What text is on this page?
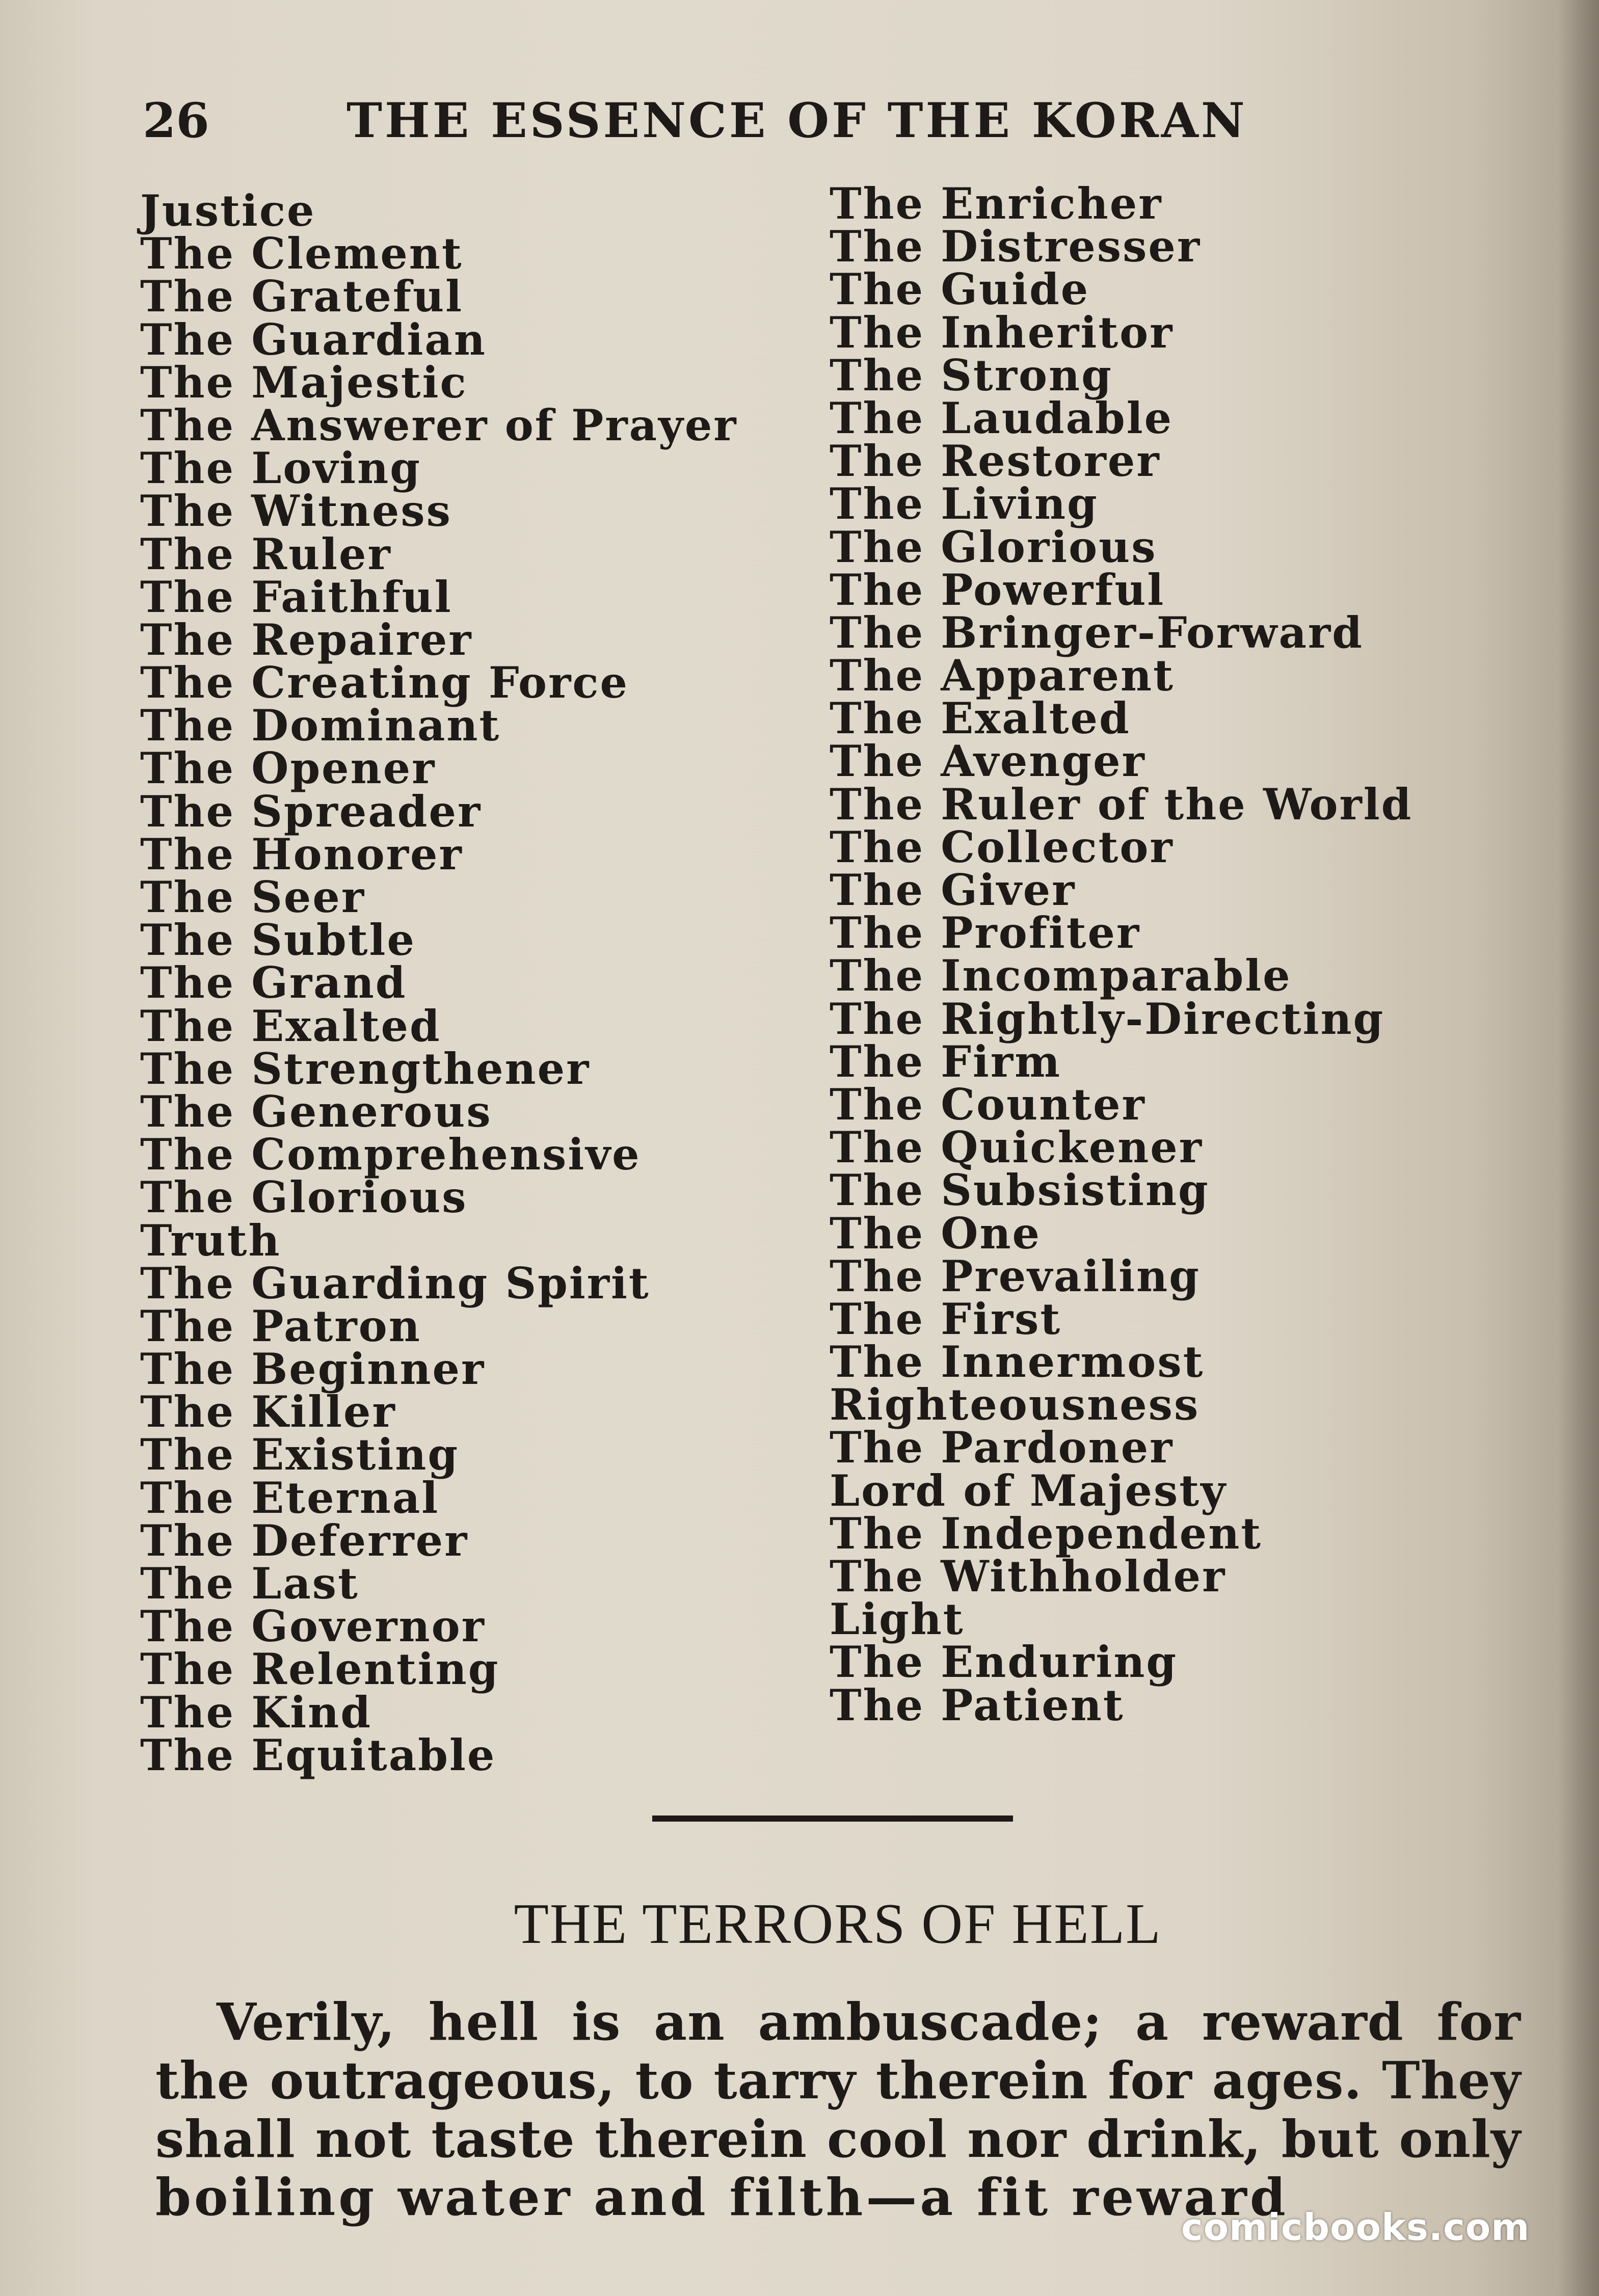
26	THE ESSENCE OF THE KORAN
Justice
The Clement
The Grateful
The Guardian
The Majestic
The Answerer of Prayer
The Loving
The Witness
The Ruler
The Faithful
The Repairer
The Creating Force
The Dominant
The Opener
The Spreader
The Honorer
The Seer
The Subtle
The Grand
The Exalted
The Strengthener
The Generous
The Comprehensive
The Glorious
Truth
The Guarding Spirit
The Patron
The Beginner
The Killer
The Existing
The Eternal
The Deferrer
The Last
The Governor
The Relenting
The Kind
The Equitable
The Enricher
The Distresser
The Guide
The Inheritor
The Strong
The Laudable
The Restorer
The Living
The Glorious
The Powerful
The Bringer-Forward
The Apparent
The Exalted
The Avenger
The Ruler of the World
The Collector
The Giver
The Profiter
The Incomparable
The Rightly-Directing
The Firm
The Counter
The Quickener
The Subsisting
The One
The Prevailing
The First
The Innermost
Righteousness
The Pardoner
Lord of Majesty
The Independent
The Withholder
Light
The Enduring
The Patient
THE TERRORS OF HELL
Verily, hell is an ambuscade; a reward for
the outrageous, to tarry therein for ages. They
shall not taste therein cool nor drink, but only
boiling water and filth—a fit reward
comicbooks.com
